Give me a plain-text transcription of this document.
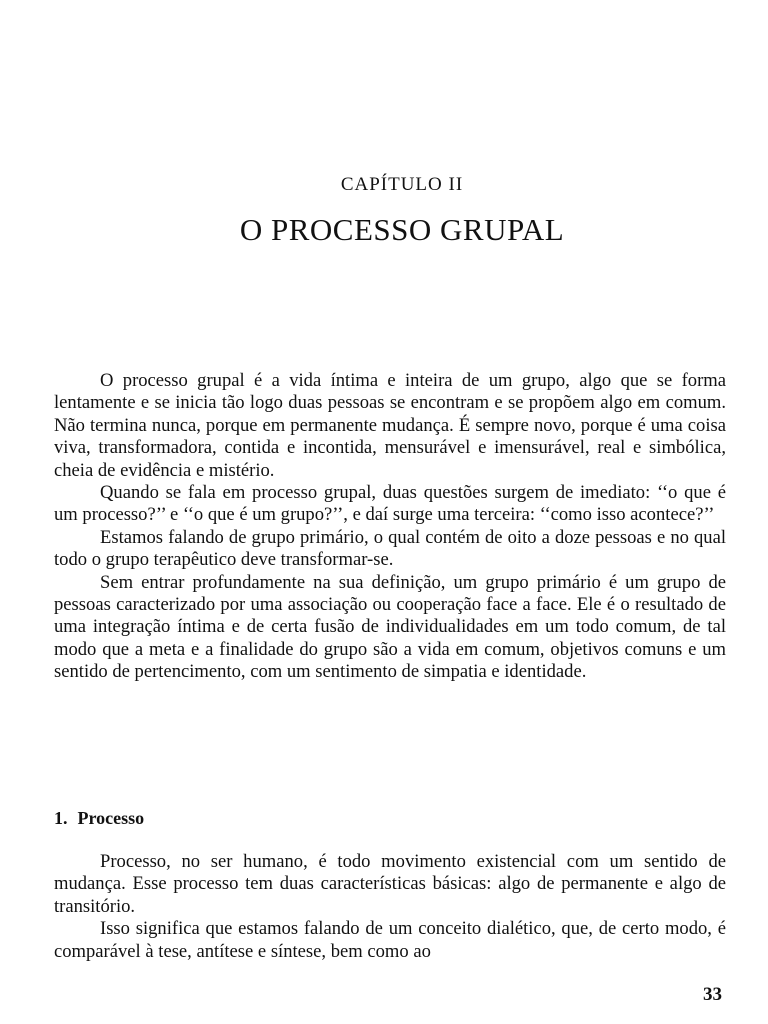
CAPÍTULO II
O PROCESSO GRUPAL

O processo grupal é a vida íntima e inteira de um grupo, algo que se forma lentamente e se inicia tão logo duas pessoas se encontram e se propõem algo em comum. Não termina nunca, porque em permanente mudança. É sempre novo, porque é uma coisa viva, transformadora, contida e incontida, mensurável e imensurável, real e simbólica, cheia de evidência e mistério.

Quando se fala em processo grupal, duas questões surgem de imediato: ‘‘o que é um processo?’’ e ‘‘o que é um grupo?’’, e daí surge uma terceira: ‘‘como isso acontece?’’

Estamos falando de grupo primário, o qual contém de oito a doze pessoas e no qual todo o grupo terapêutico deve transformar-se.

Sem entrar profundamente na sua definição, um grupo primário é um grupo de pessoas caracterizado por uma associação ou cooperação face a face. Ele é o resultado de uma integração íntima e de certa fusão de individualidades em um todo comum, de tal modo que a meta e a finalidade do grupo são a vida em comum, objetivos comuns e um sentido de pertencimento, com um sentimento de simpatia e identidade.

1. Processo

Processo, no ser humano, é todo movimento existencial com um sentido de mudança. Esse processo tem duas características básicas: algo de permanente e algo de transitório.

Isso significa que estamos falando de um conceito dialético, que, de certo modo, é comparável à tese, antítese e síntese, bem como ao

33
